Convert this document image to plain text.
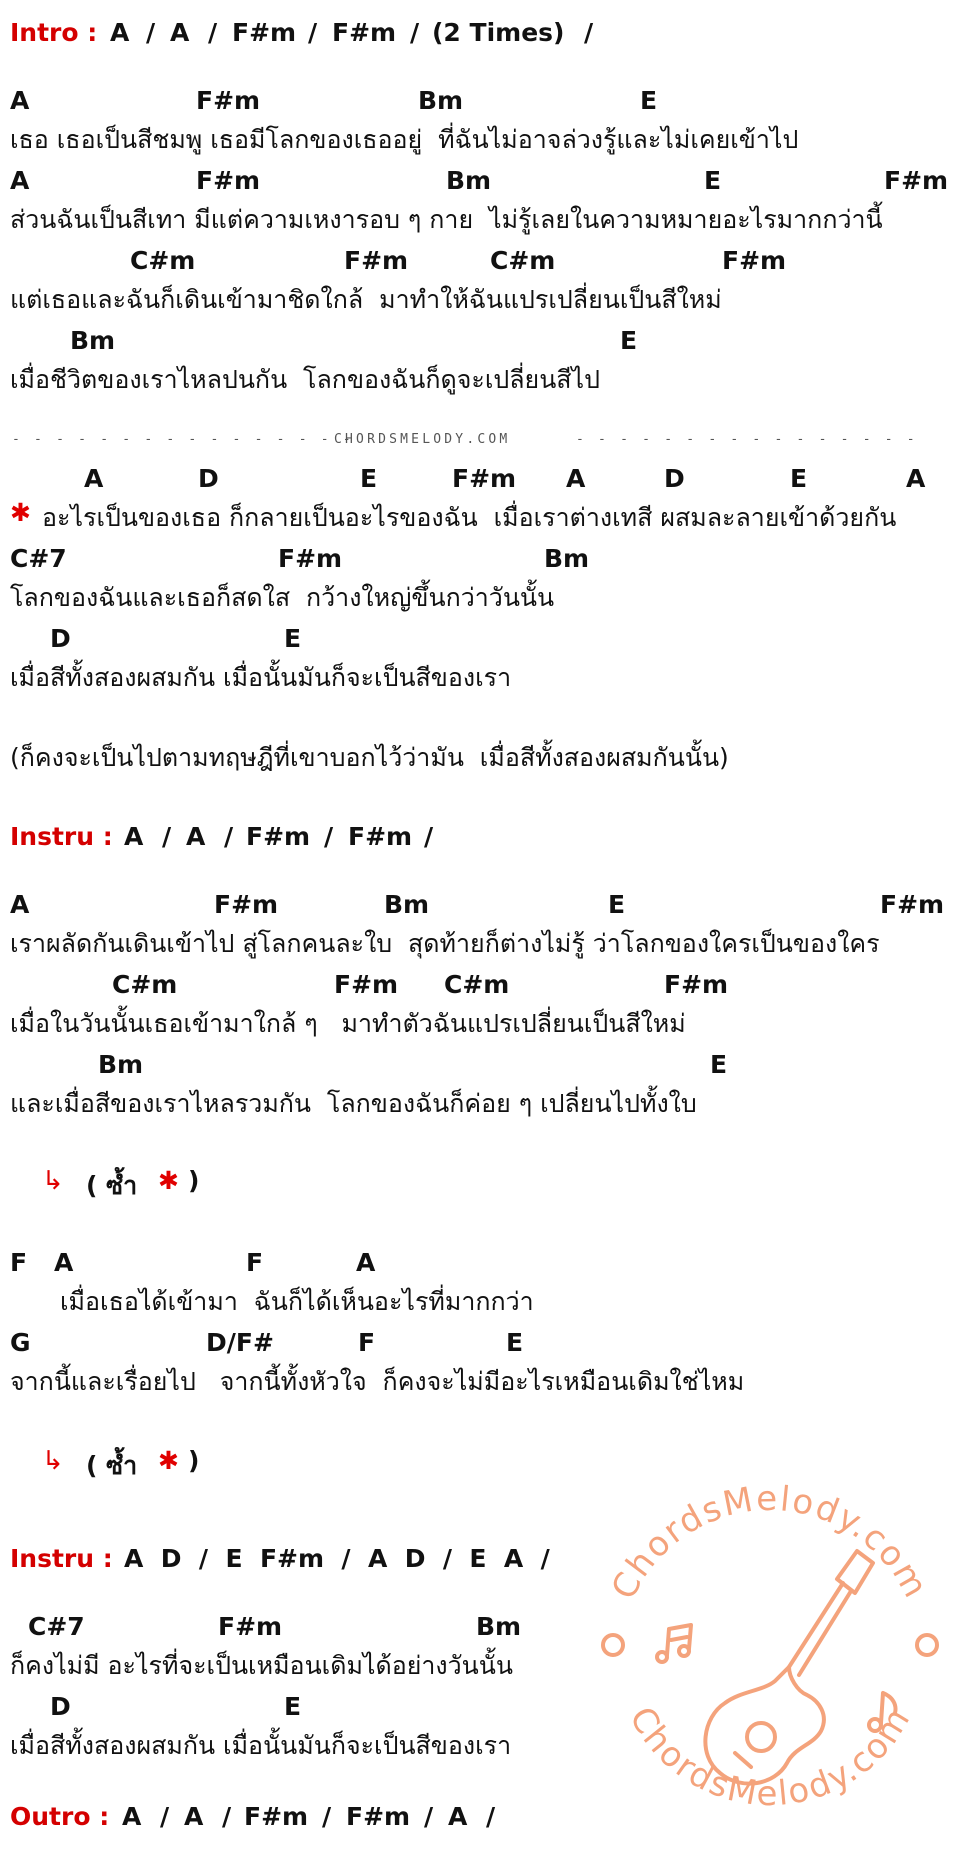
ChordsMelody.com
ChordsMelody.com
Intro : A / A / F#m / F#m / (2 Times) /
A	F#m	Bm	E
เธอ เธอเป็นสีชมพู เธอมีโลกของเธออยู่  ที่ฉันไม่อาจล่วงรู้และไม่เคยเข้าไป
A	F#m	Bm	E	F#m
ส่วนฉันเป็นสีเทา มีแต่ความเหงารอบ ๆ กาย  ไม่รู้เลยในความหมายอะไรมากกว่านี้
C#m	F#m	C#m	F#m
แต่เธอและฉันก็เดินเข้ามาชิดใกล้  มาทำให้ฉันแปรเปลี่ยนเป็นสีใหม่
Bm	E
เมื่อชีวิตของเราไหลปนกัน  โลกของฉันก็ดูจะเปลี่ยนสีไป
- - - - - - - - - - - - - - - -
CHORDSMELODY.COM	- - - - - - - - - - - - - - - -
A	D	E	F#m A	D	E	A
✱ อะไรเป็นของเธอ ก็กลายเป็นอะไรของฉัน  เมื่อเราต่างเทสี ผสมละลายเข้าด้วยกัน
C#7	F#m	Bm
โลกของฉันและเธอก็สดใส  กว้างใหญ่ขึ้นกว่าวันนั้น
D	E
เมื่อสีทั้งสองผสมกัน เมื่อนั้นมันก็จะเป็นสีของเรา
(ก็คงจะเป็นไปตามทฤษฎีที่เขาบอกไว้ว่ามัน  เมื่อสีทั้งสองผสมกันนั้น)
Instru : A / A / F#m / F#m /
A	F#m	Bm	E	F#m
เราผลัดกันเดินเข้าไป สู่โลกคนละใบ  สุดท้ายก็ต่างไม่รู้ ว่าโลกของใครเป็นของใคร
C#m	F#m C#m	F#m
เมื่อในวันนั้นเธอเข้ามาใกล้ ๆ   มาทำตัวฉันแปรเปลี่ยนเป็นสีใหม่
Bm	E
และเมื่อสีของเราไหลรวมกัน  โลกของฉันก็ค่อย ๆ เปลี่ยนไปทั้งใบ
↳ ( ซ้ำ ✱ )
F A	F	A
เมื่อเธอได้เข้ามา  ฉันก็ได้เห็นอะไรที่มากกว่า
G	D/F#	F	E
จากนี้และเรื่อยไป   จากนี้ทั้งหัวใจ  ก็คงจะไม่มีอะไรเหมือนเดิมใช่ไหม
↳ ( ซ้ำ ✱ )
Instru : A  D  /  E  F#m  /  A  D  /  E  A  /
C#7	F#m	Bm
ก็คงไม่มี อะไรที่จะเป็นเหมือนเดิมได้อย่างวันนั้น
D	E
เมื่อสีทั้งสองผสมกัน เมื่อนั้นมันก็จะเป็นสีของเรา
Outro : A / A / F#m / F#m / A /
